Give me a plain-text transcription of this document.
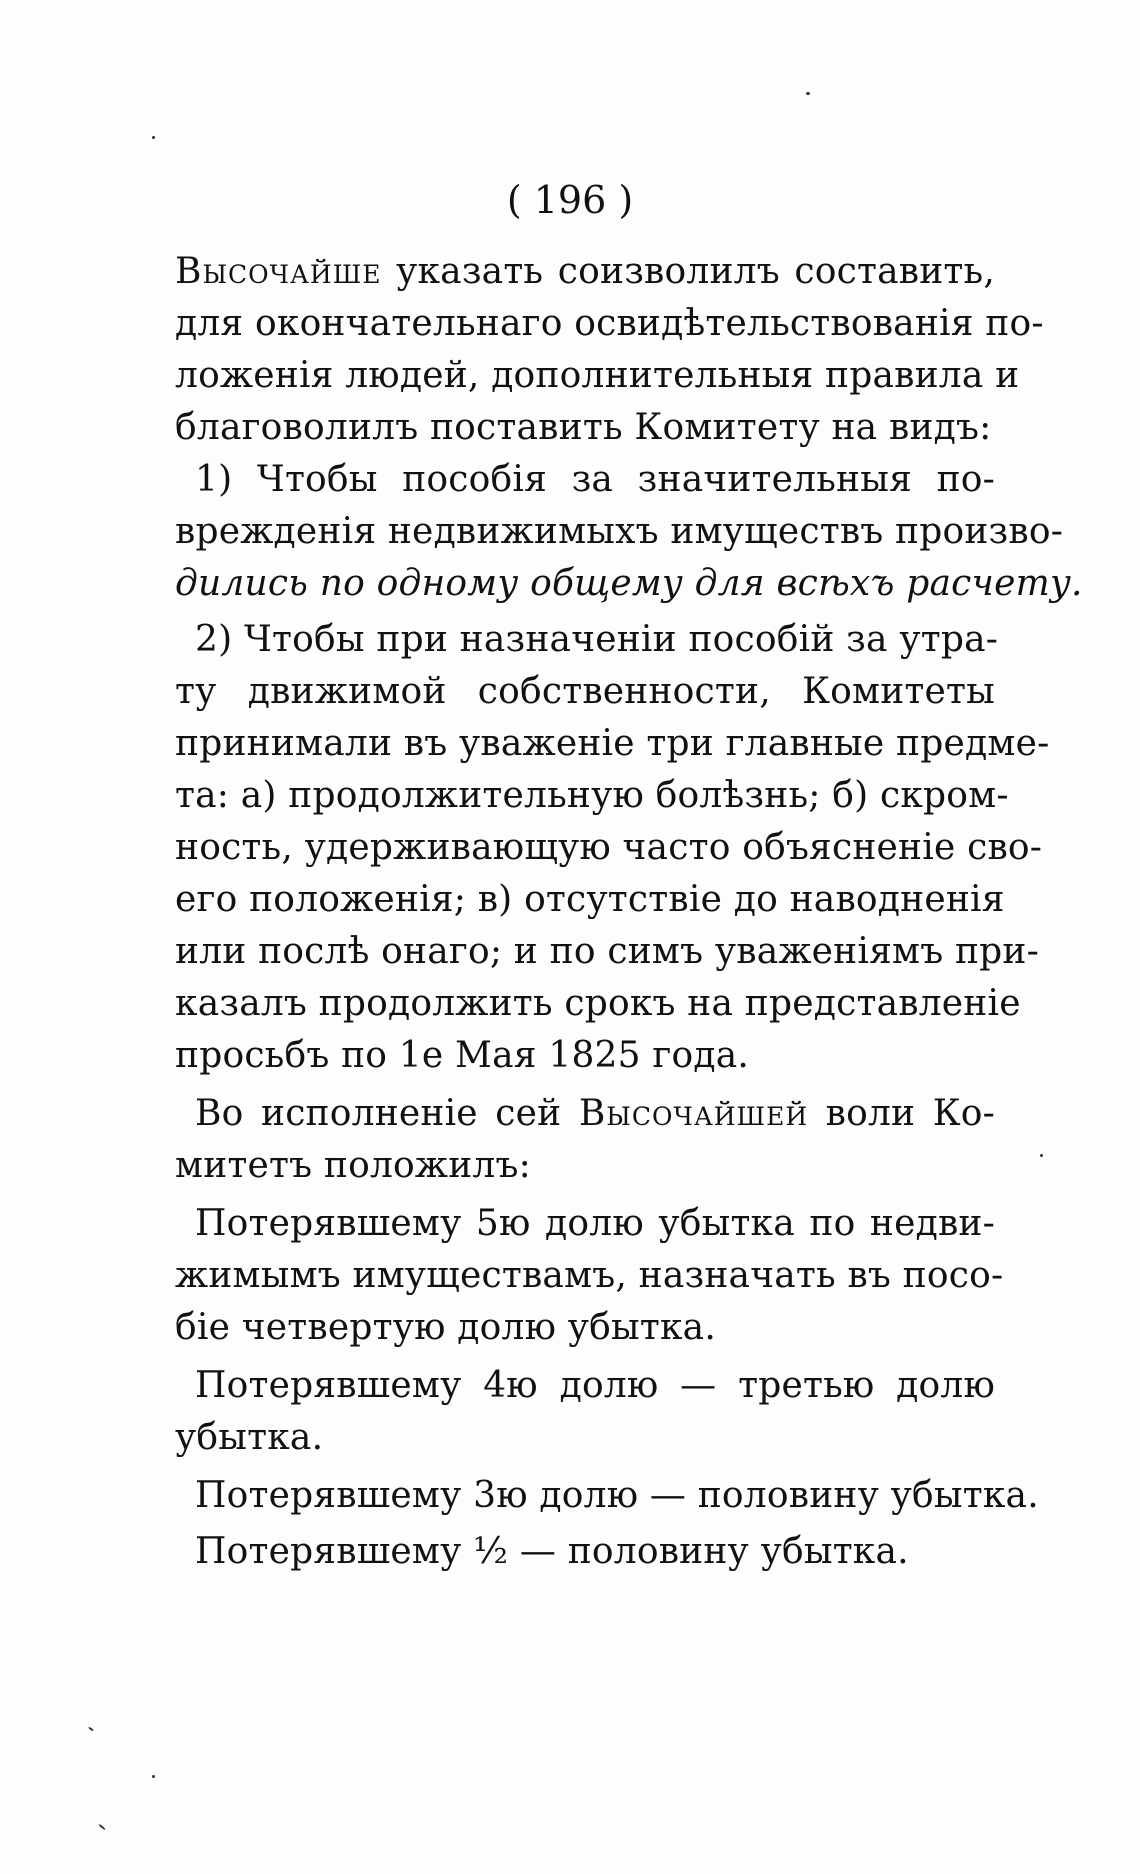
( 196 )
Высочайше указать соизволилъ составить,
для окончательнаго освидѣтельствованія по-
ложенія людей, дополнительныя правила и
благоволилъ поставить Комитету на видъ:
1) Чтобы пособія за значительныя по-
врежденія недвижимыхъ имуществъ произво-
дились по одному общему для всѣхъ расчету.
2) Чтобы при назначеніи пособій за утра-
ту движимой собственности, Комитеты
принимали въ уваженіе три главные предме-
та: а) продолжительную болѣзнь; б) скром-
ность, удерживающую часто объясненіе сво-
его положенія; в) отсутствіе до наводненія
или послѣ онаго; и по симъ уваженіямъ при-
казалъ продолжить срокъ на представленіе
просьбъ по 1е Мая 1825 года.
Во исполненіе сей Высочайшей воли Ко-
митетъ положилъ:
Потерявшему 5ю долю убытка по недви-
жимымъ имуществамъ, назначать въ посо-
біе четвертую долю убытка.
Потерявшему 4ю долю — третью долю
убытка.
Потерявшему 3ю долю — половину убытка.
Потерявшему ½ — половину убытка.
